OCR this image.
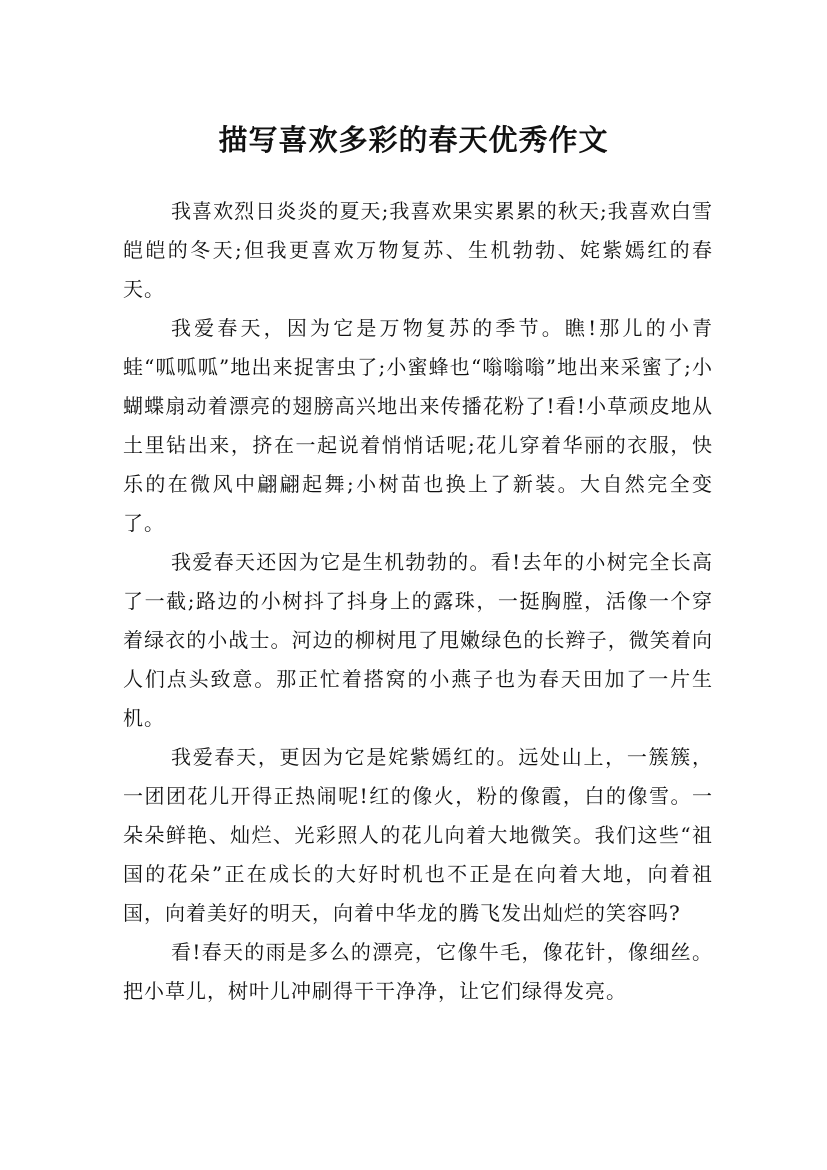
描写喜欢多彩的春天优秀作文

我喜欢烈日炎炎的夏天;我喜欢果实累累的秋天;我喜欢白雪皑皑的冬天;但我更喜欢万物复苏、生机勃勃、姹紫嫣红的春天。

我爱春天，因为它是万物复苏的季节。瞧!那儿的小青蛙“呱呱呱”地出来捉害虫了;小蜜蜂也“嗡嗡嗡”地出来采蜜了;小蝴蝶扇动着漂亮的翅膀高兴地出来传播花粉了!看!小草顽皮地从土里钻出来，挤在一起说着悄悄话呢;花儿穿着华丽的衣服，快乐的在微风中翩翩起舞;小树苗也换上了新装。大自然完全变了。

我爱春天还因为它是生机勃勃的。看!去年的小树完全长高了一截;路边的小树抖了抖身上的露珠，一挺胸膛，活像一个穿着绿衣的小战士。河边的柳树甩了甩嫩绿色的长辫子，微笑着向人们点头致意。那正忙着搭窝的小燕子也为春天田加了一片生机。

我爱春天，更因为它是姹紫嫣红的。远处山上，一簇簇，一团团花儿开得正热闹呢!红的像火，粉的像霞，白的像雪。一朵朵鲜艳、灿烂、光彩照人的花儿向着大地微笑。我们这些“祖国的花朵”正在成长的大好时机也不正是在向着大地，向着祖国，向着美好的明天，向着中华龙的腾飞发出灿烂的笑容吗?

看!春天的雨是多么的漂亮，它像牛毛，像花针，像细丝。把小草儿，树叶儿冲刷得干干净净，让它们绿得发亮。
